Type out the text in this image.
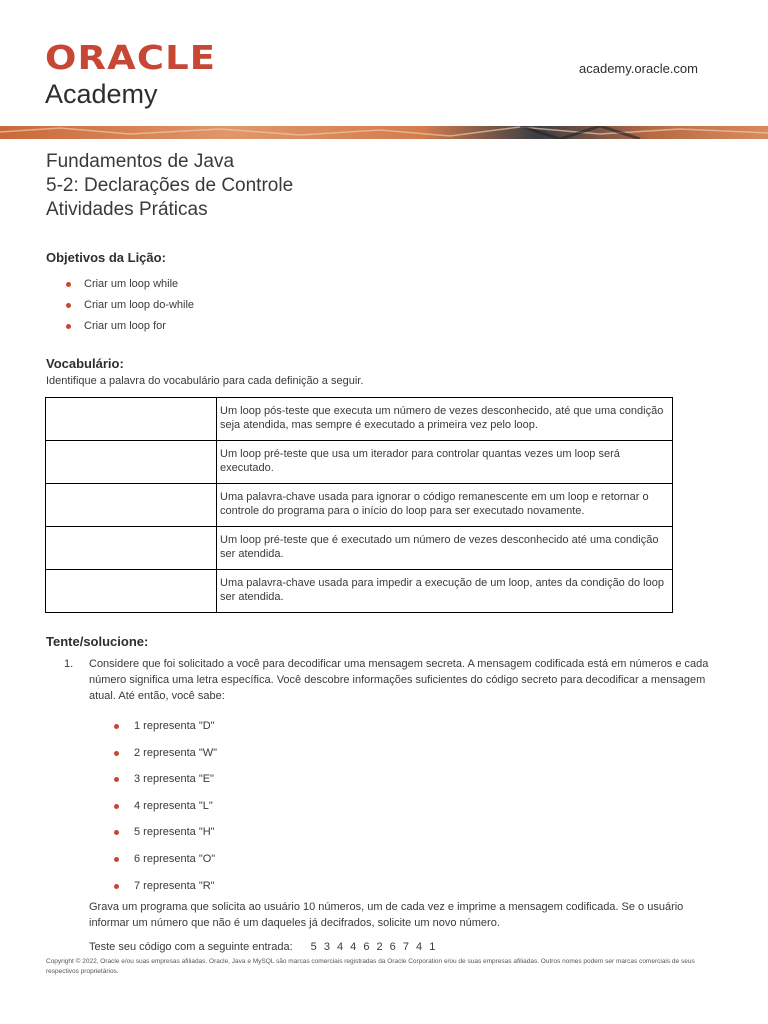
ORACLE
Academy
academy.oracle.com
Fundamentos de Java
5-2: Declarações de Controle
Atividades Práticas
Objetivos da Lição:
Criar um loop while
Criar um loop do-while
Criar um loop for
Vocabulário:
Identifique a palavra do vocabulário para cada definição a seguir.
	Um loop pós-teste que executa um número de vezes desconhecido, até que uma condição seja atendida, mas sempre é executado a primeira vez pelo loop.
	Um loop pré-teste que usa um iterador para controlar quantas vezes um loop será executado.
	Uma palavra-chave usada para ignorar o código remanescente em um loop e retornar o controle do programa para o início do loop para ser executado novamente.
	Um loop pré-teste que é executado um número de vezes desconhecido até uma condição ser atendida.
	Uma palavra-chave usada para impedir a execução de um loop, antes da condição do loop ser atendida.
Tente/solucione:
1. Considere que foi solicitado a você para decodificar uma mensagem secreta. A mensagem codificada está em números e cada número significa uma letra específica. Você descobre informações suficientes do código secreto para decodificar a mensagem atual. Até então, você sabe:
1 representa "D"
2 representa "W"
3 representa "E"
4 representa "L"
5 representa "H"
6 representa "O"
7 representa "R"
Grava um programa que solicita ao usuário 10 números, um de cada vez e imprime a mensagem codificada. Se o usuário informar um número que não é um daqueles já decifrados, solicite um novo número.
Teste seu código com a seguinte entrada: 5 3 4 4 6 2 6 7 4 1
Copyright © 2022, Oracle e/ou suas empresas afiliadas. Oracle, Java e MySQL são marcas comerciais registradas da Oracle Corporation e/ou de suas empresas afiliadas. Outros nomes podem ser marcas comerciais de seus respectivos proprietários.
